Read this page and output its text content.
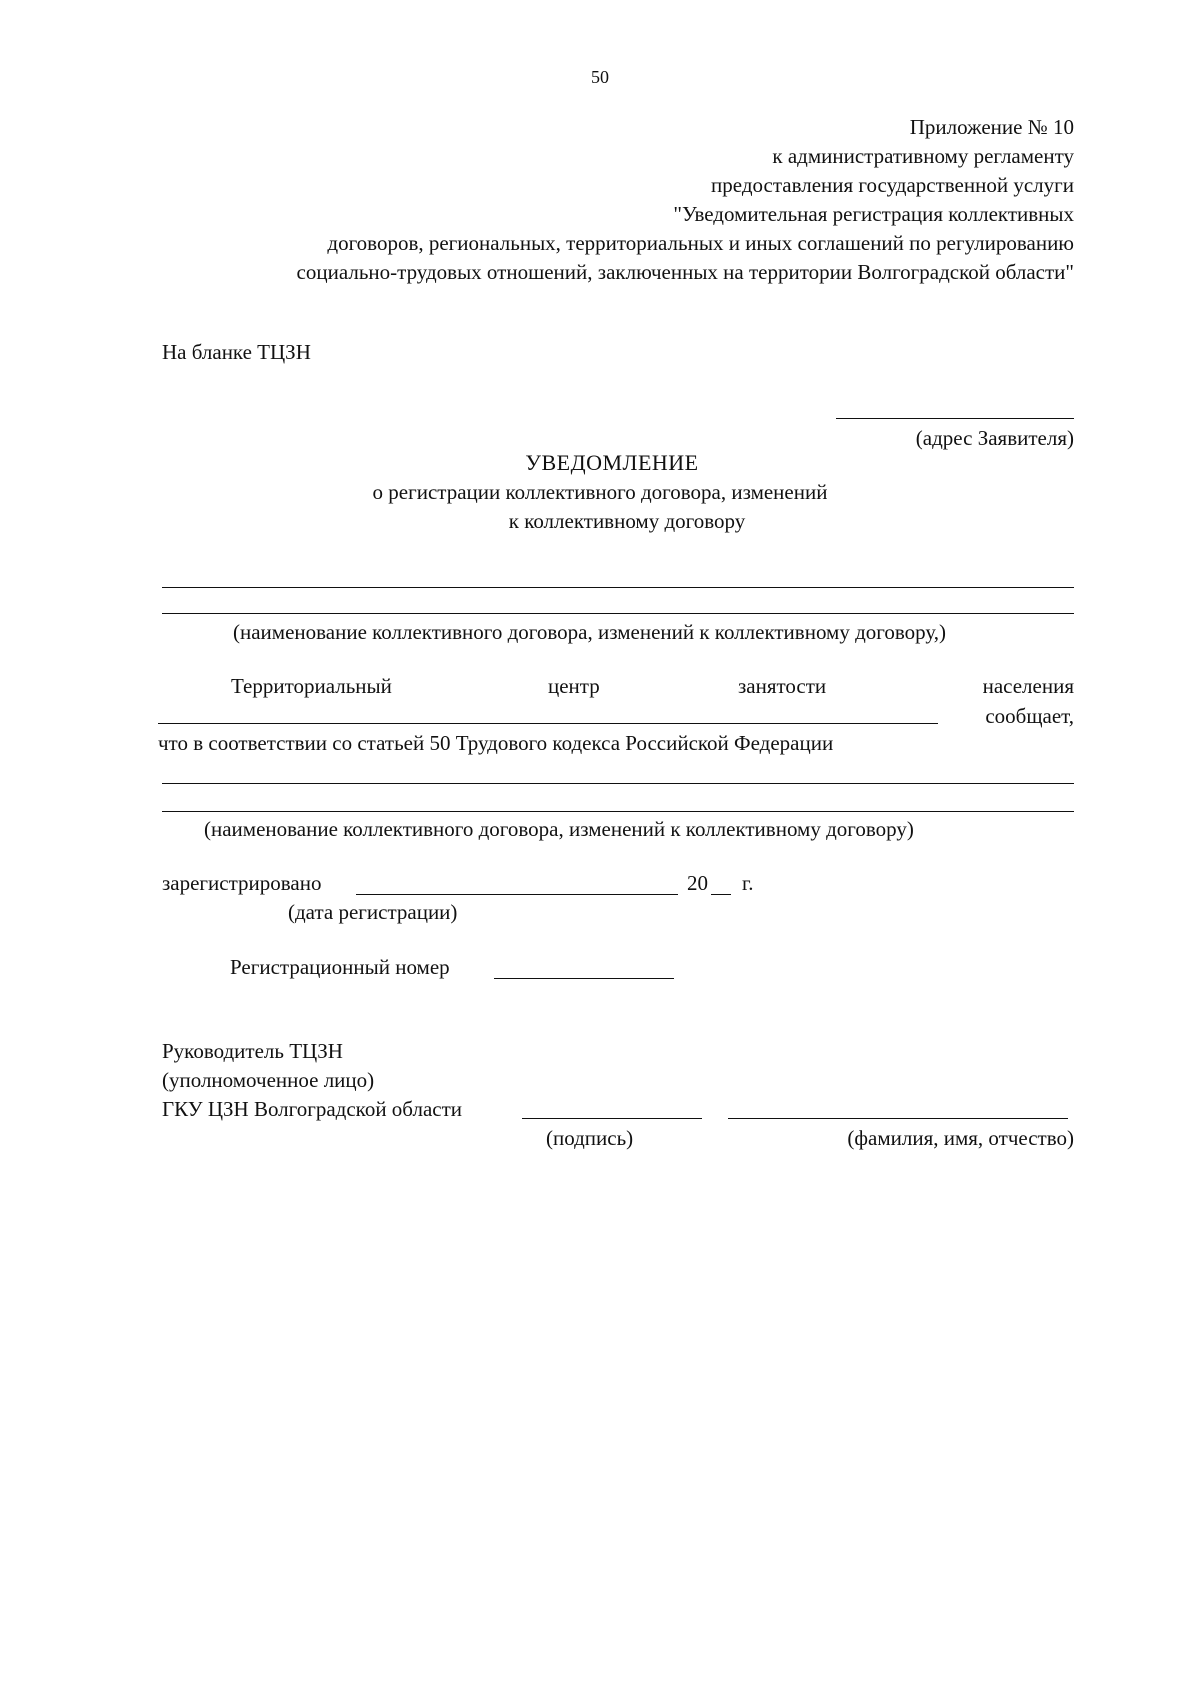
50
Приложение № 10
к административному регламенту
предоставления государственной услуги
"Уведомительная регистрация коллективных
договоров, региональных, территориальных и иных соглашений по регулированию
социально-трудовых отношений, заключенных на территории Волгоградской области"
На бланке ТЦЗН
(адрес Заявителя)
УВЕДОМЛЕНИЕ
о регистрации коллективного договора, изменений
к коллективному договору
(наименование коллективного договора, изменений к коллективному договору,)
Территориальный	центр	занятости	населения
сообщает,
что в соответствии со статьей 50 Трудового кодекса Российской Федерации
(наименование коллективного договора, изменений к коллективному договору)
зарегистрировано	20 г.
(дата регистрации)
Регистрационный номер
Руководитель ТЦЗН
(уполномоченное лицо)
ГКУ ЦЗН Волгоградской области
(подпись)	(фамилия, имя, отчество)
